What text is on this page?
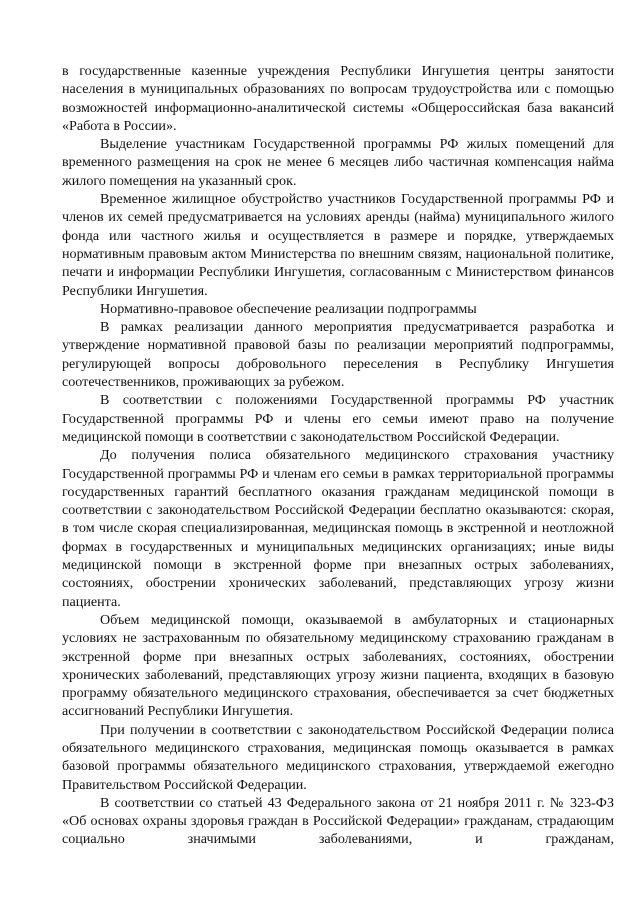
в государственные казенные учреждения Республики Ингушетия центры занятости населения в муниципальных образованиях по вопросам трудоустройства или с помощью возможностей информационно-аналитической системы «Общероссийская база вакансий «Работа в России».

Выделение участникам Государственной программы РФ жилых помещений для временного размещения на срок не менее 6 месяцев либо частичная компенсация найма жилого помещения на указанный срок.

Временное жилищное обустройство участников Государственной программы РФ и членов их семей предусматривается на условиях аренды (найма) муниципального жилого фонда или частного жилья и осуществляется в размере и порядке, утверждаемых нормативным правовым актом Министерства по внешним связям, национальной политике, печати и информации Республики Ингушетия, согласованным с Министерством финансов Республики Ингушетия.

Нормативно-правовое обеспечение реализации подпрограммы

В рамках реализации данного мероприятия предусматривается разработка и утверждение нормативной правовой базы по реализации мероприятий подпрограммы, регулирующей вопросы добровольного переселения в Республику Ингушетия соотечественников, проживающих за рубежом.

В соответствии с положениями Государственной программы РФ участник Государственной программы РФ и члены его семьи имеют право на получение медицинской помощи в соответствии с законодательством Российской Федерации.

До получения полиса обязательного медицинского страхования участнику Государственной программы РФ и членам его семьи в рамках территориальной программы государственных гарантий бесплатного оказания гражданам медицинской помощи в соответствии с законодательством Российской Федерации бесплатно оказываются: скорая, в том числе скорая специализированная, медицинская помощь в экстренной и неотложной формах в государственных и муниципальных медицинских организациях; иные виды медицинской помощи в экстренной форме при внезапных острых заболеваниях, состояниях, обострении хронических заболеваний, представляющих угрозу жизни пациента.

Объем медицинской помощи, оказываемой в амбулаторных и стационарных условиях не застрахованным по обязательному медицинскому страхованию гражданам в экстренной форме при внезапных острых заболеваниях, состояниях, обострении хронических заболеваний, представляющих угрозу жизни пациента, входящих в базовую программу обязательного медицинского страхования, обеспечивается за счет бюджетных ассигнований Республики Ингушетия.

При получении в соответствии с законодательством Российской Федерации полиса обязательного медицинского страхования, медицинская помощь оказывается в рамках базовой программы обязательного медицинского страхования, утверждаемой ежегодно Правительством Российской Федерации.

В соответствии со статьей 43 Федерального закона от 21 ноября 2011 г. № 323-ФЗ «Об основах охраны здоровья граждан в Российской Федерации» гражданам, страдающим социально значимыми заболеваниями, и гражданам,
